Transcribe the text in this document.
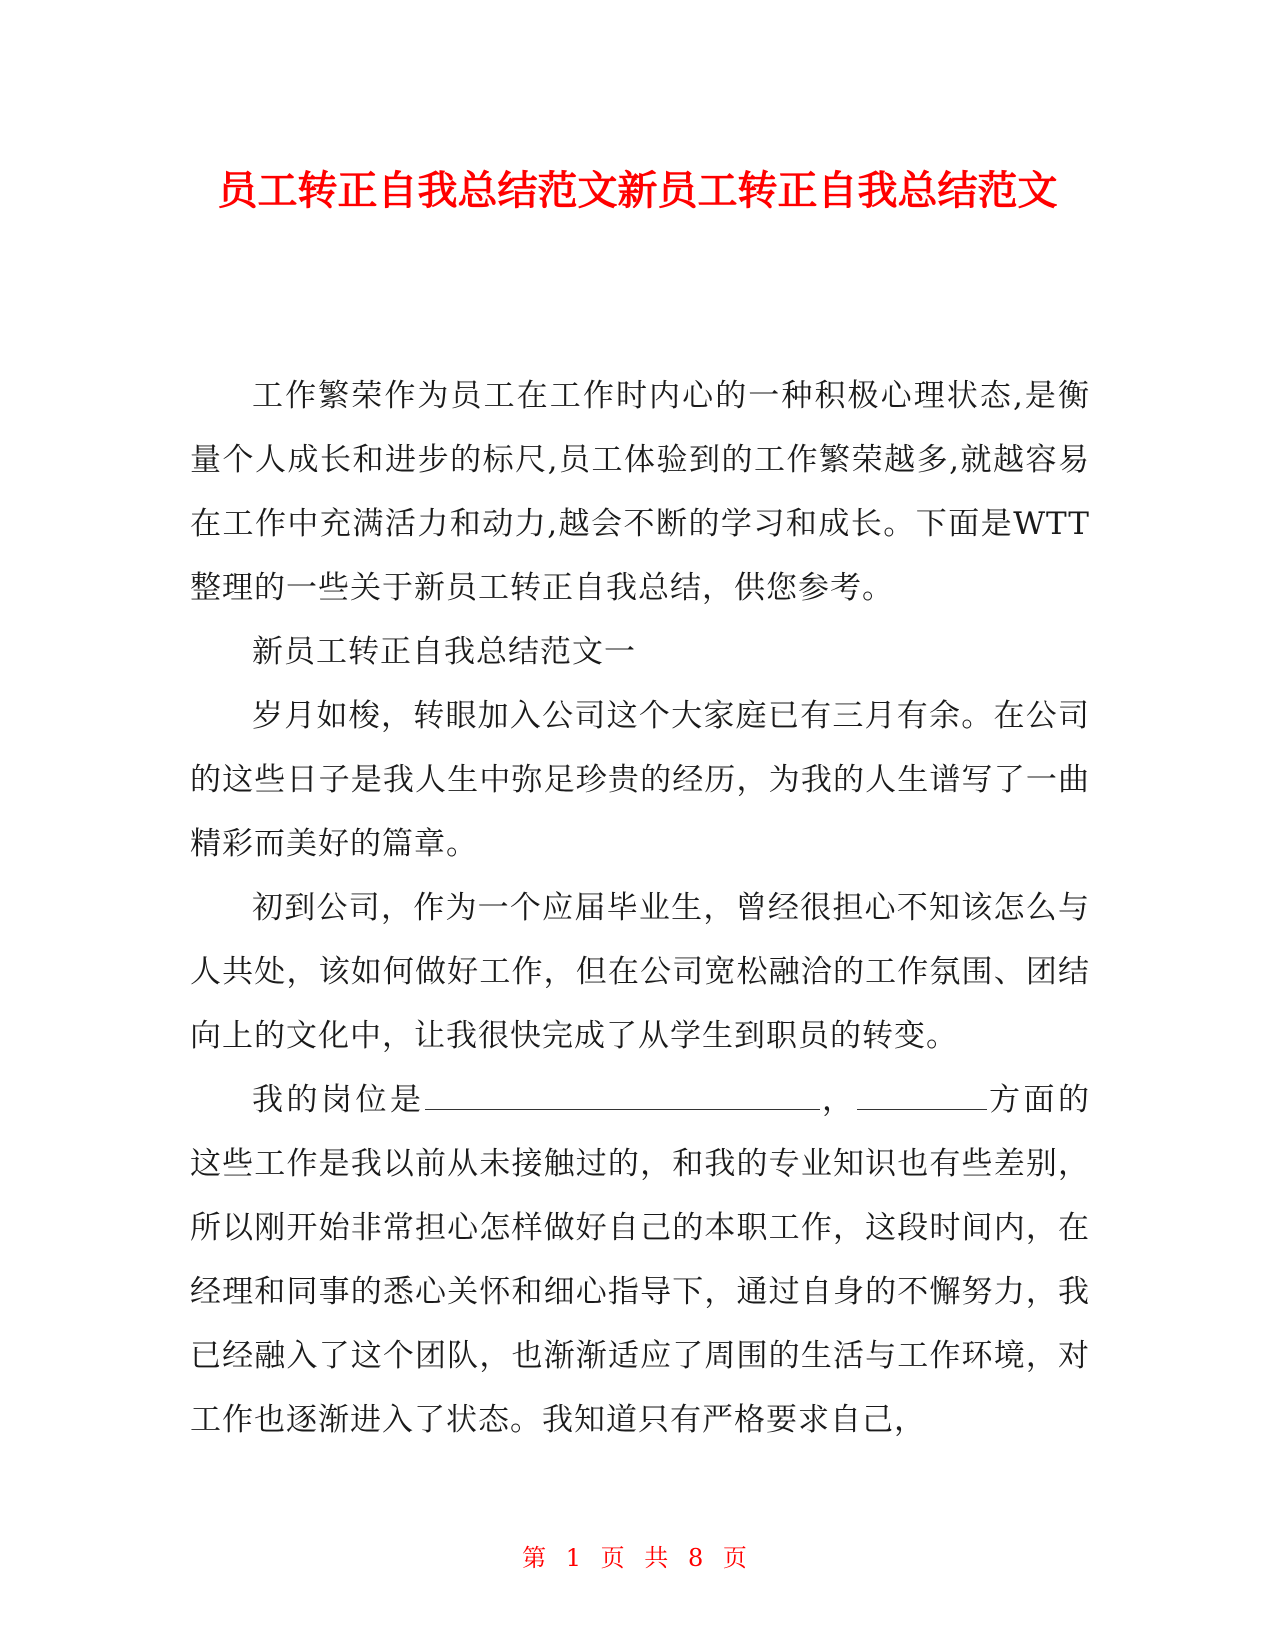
员工转正自我总结范文新员工转正自我总结范文

工作繁荣作为员工在工作时内心的一种积极心理状态,是衡量个人成长和进步的标尺,员工体验到的工作繁荣越多,就越容易在工作中充满活力和动力,越会不断的学习和成长。下面是WTT整理的一些关于新员工转正自我总结，供您参考。

新员工转正自我总结范文一

岁月如梭，转眼加入公司这个大家庭已有三月有余。在公司的这些日子是我人生中弥足珍贵的经历，为我的人生谱写了一曲精彩而美好的篇章。

初到公司，作为一个应届毕业生，曾经很担心不知该怎么与人共处，该如何做好工作，但在公司宽松融洽的工作氛围、团结向上的文化中，让我很快完成了从学生到职员的转变。

我的岗位是	，	方面的这些工作是我以前从未接触过的，和我的专业知识也有些差别，所以刚开始非常担心怎样做好自己的本职工作，这段时间内，在经理和同事的悉心关怀和细心指导下，通过自身的不懈努力，我已经融入了这个团队，也渐渐适应了周围的生活与工作环境，对工作也逐渐进入了状态。我知道只有严格要求自己，

第 1 页 共 8 页
